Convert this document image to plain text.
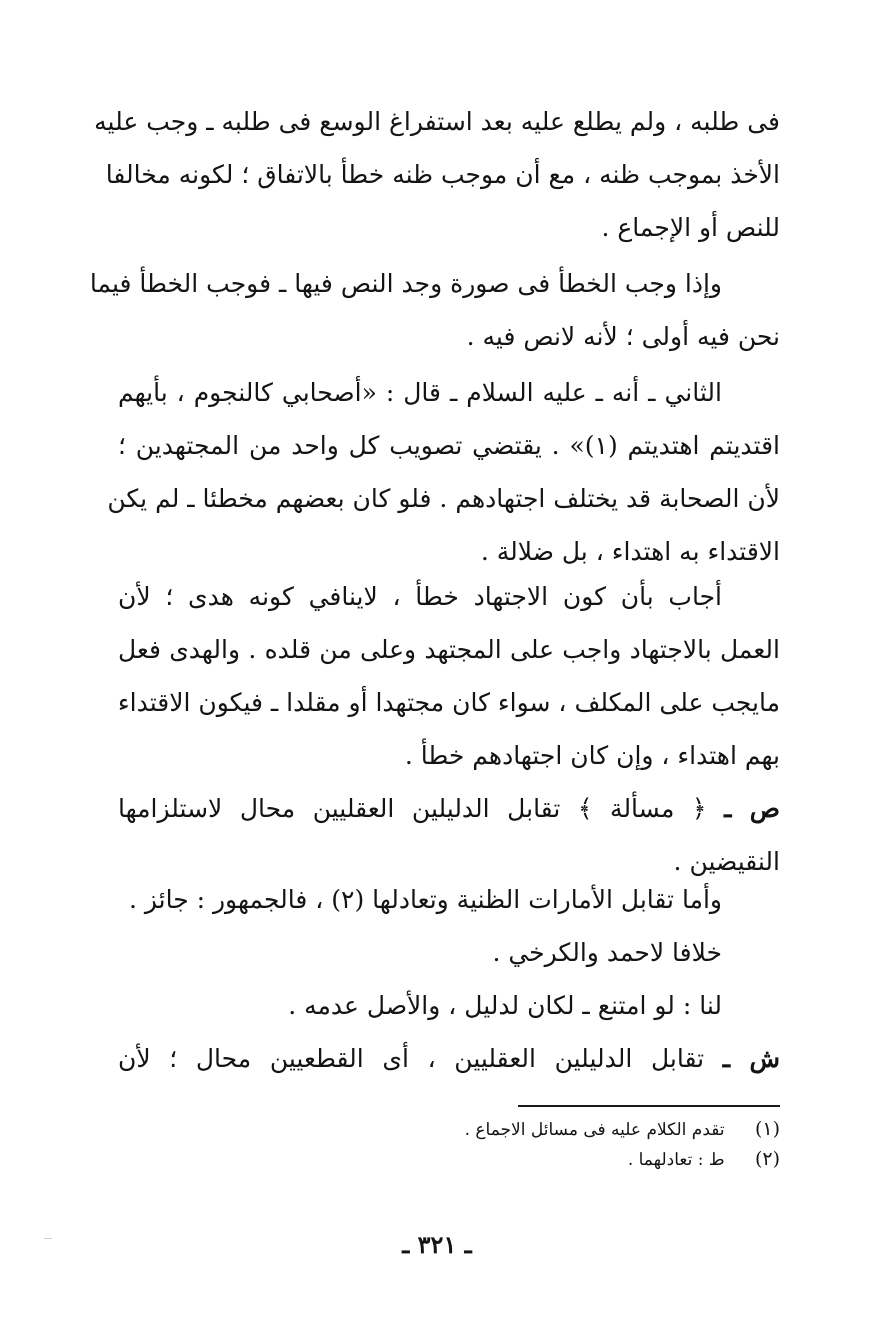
فى طلبه ، ولم يطلع عليه بعد استفراغ الوسع فى طلبه ـ وجب عليه
الأخذ بموجب ظنه ، مع أن موجب ظنه خطأ بالاتفاق ؛ لكونه مخالفا
للنص أو الإجماع .
وإذا وجب الخطأ فى صورة وجد النص فيها ـ فوجب الخطأ فيما
نحن فيه أولى ؛ لأنه لانص فيه .
الثاني ـ أنه ـ عليه السلام ـ قال : «أصحابي كالنجوم ، بأيهم
اقتديتم اهتديتم (١)» . يقتضي تصويب كل واحد من المجتهدين ؛
لأن الصحابة قد يختلف اجتهادهم . فلو كان بعضهم مخطئا ـ لم يكن
الاقتداء به اهتداء ، بل ضلالة .
أجاب بأن كون الاجتهاد خطأ ، لاينافي كونه هدى ؛ لأن
العمل بالاجتهاد واجب على المجتهد وعلى من قلده . والهدى فعل
مايجب على المكلف ، سواء كان مجتهدا أو مقلدا ـ فيكون الاقتداء
بهم اهتداء ، وإن كان اجتهادهم خطأ .
ص ـ ﴿ مسألة ﴾ تقابل الدليلين العقليين محال لاستلزامها
النقيضين .
وأما تقابل الأمارات الظنية وتعادلها (٢) ، فالجمهور : جائز .
خلافا لاحمد والكرخي .
لنا : لو امتنع ـ لكان لدليل ، والأصل عدمه .
ش ـ تقابل الدليلين العقليين ، أى القطعيين محال ؛ لأن
(١) تقدم الكلام عليه فى مسائل الاجماع .
(٢) ط : تعادلهما .
ـ ٣٢١ ـ
